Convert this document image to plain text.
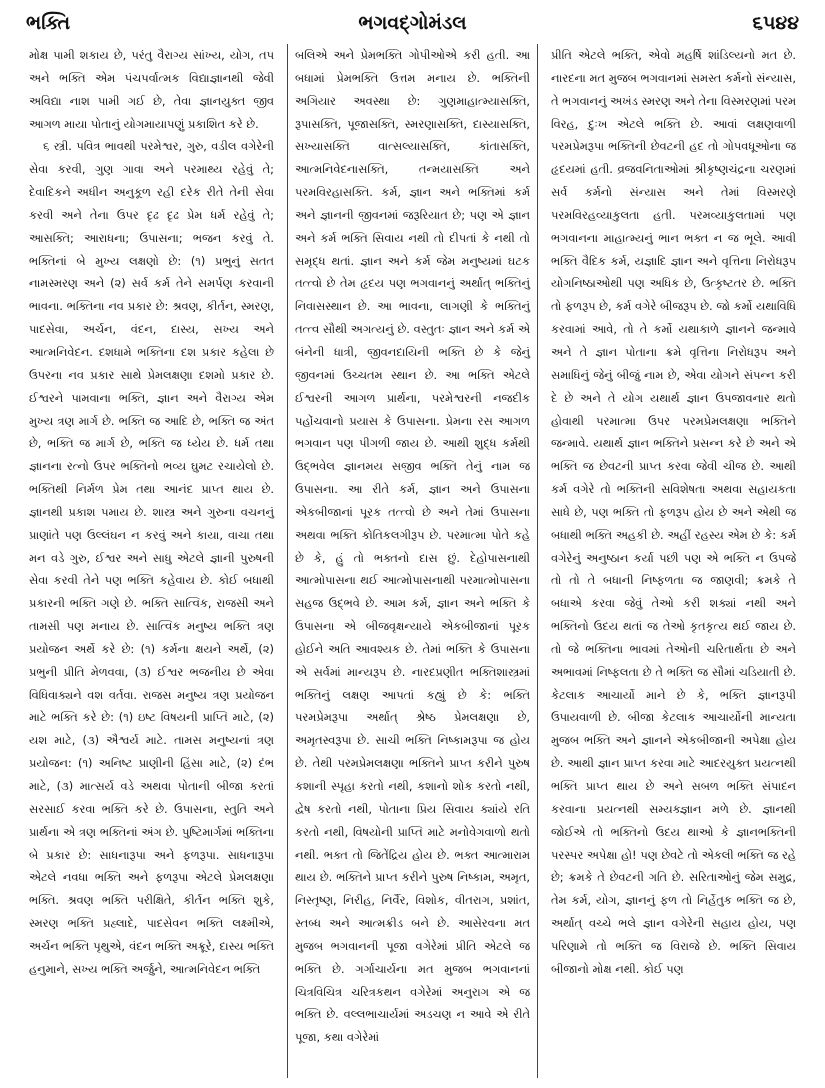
ભક્તિ	ભગવદ્ગોમંડલ	૬૫૪૪

મોક્ષ પામી શકાય છે, પરંતુ વૈરાગ્ય સાંખ્ય, યોગ, તપ અને ભક્તિ એમ પંચપર્વાત્મક વિદ્યાજ્ઞાનથી જેવી અવિદ્યા નાશ પામી ગઈ છે, તેવા જ્ઞાનયુક્ત જીવ આગળ માયા પોતાનું યોગમાયાપણું પ્રકાશિત કરે છે.

૬ સ્ત્રી. પવિત્ર ભાવથી પરમેશ્વર, ગુરુ, વડીલ વગેરેની સેવા કરવી, ગુણ ગાવા અને પરમાથ્ય રહેવું તે; દેવાદિકને અધીન અનુકૂળ રહી દરેક રીતે તેની સેવા કરવી અને તેના ઉપર દૃઢ દૃઢ પ્રેમ ધર્મ રહેવું તે; આસક્તિ; આરાધના; ઉપાસના; ભજન કરવું તે. ભક્તિનાં બે મુખ્ય લક્ષણો છે: (૧) પ્રભુનું સતત નામસ્મરણ અને (૨) સર્વ કર્મ તેને સમર્પણ કરવાની ભાવના. ભક્તિના નવ પ્રકાર છે: શ્રવણ, કીર્તન, સ્મરણ, પાદસેવા, અર્ચન, વંદન, દાસ્ય, સખ્ય અને આત્મનિવેદન. દશધામે ભક્તિના દશ પ્રકાર કહેલા છે ઉપરના નવ પ્રકાર સાથે પ્રેમલક્ષણા દશમો પ્રકાર છે. ઈશ્વરને પામવાના ભક્તિ, જ્ઞાન અને વૈરાગ્ય એમ મુખ્ય ત્રણ માર્ગ છે. ભક્તિ જ આદિ છે, ભક્તિ જ અંત છે, ભક્તિ જ માર્ગ છે, ભક્તિ જ ધ્યેય છે. ધર્મ તથા જ્ઞાનના રત્નો ઉપર ભક્તિનો ભવ્ય ઘુમટ રચાયેલો છે. ભક્તિથી નિર્મળ પ્રેમ તથા આનંદ પ્રાપ્ત થાય છે. જ્ઞાનથી પ્રકાશ પમાય છે. શાસ્ત્ર અને ગુરુના વચનનું પ્રાણાંતે પણ ઉલ્લંઘન ન કરવું અને કાયા, વાચા તથા મન વડે ગુરુ, ઈશ્વર અને સાધુ એટલે જ્ઞાની પુરુષની સેવા કરવી તેને પણ ભક્તિ કહેવાય છે. કોઈ બધાથી પ્રકારની ભક્તિ ગણે છે. ભક્તિ સાત્વિક, રાજસી અને તામસી પણ મનાય છે. સાત્વિક મનુષ્ય ભક્તિ ત્રણ પ્રયોજન અર્થે કરે છે: (૧) કર્મના ક્ષયને અર્થે, (૨) પ્રભુની પ્રીતિ મેળવવા, (૩) ઈશ્વર ભજનીય છે એવા વિધિવાક્યને વશ વર્તવા. રાજસ મનુષ્ય ત્રણ પ્રયોજન માટે ભક્તિ કરે છે: (૧) ઇષ્ટ વિષયની પ્રાપ્તિ માટે, (૨) યશ માટે, (૩) ઐશ્વર્ય માટે. તામસ મનુષ્યનાં ત્રણ પ્રયોજન: (૧) અનિષ્ટ પ્રાણીની હિંસા માટે, (૨) દંભ માટે, (૩) માત્સર્ય વડે અથવા પોતાની બીજા કરતાં સરસાઈ કરવા ભક્તિ કરે છે. ઉપાસના, સ્તુતિ અને પ્રાર્થના એ ત્રણ ભક્તિનાં અંગ છે. પુષ્ટિમાર્ગમાં ભક્તિના બે પ્રકાર છે: સાધનારૂપા અને ફળરૂપા. સાધનારૂપા એટલે નવધા ભક્તિ અને ફળરૂપા એટલે પ્રેમલક્ષણા ભક્તિ. શ્રવણ ભક્તિ પરીક્ષિતે, કીર્તન ભક્તિ શુકે, સ્મરણ ભક્તિ પ્રહ્લાદે, પાદસેવન ભક્તિ લક્ષ્મીએ, અર્ચન ભક્તિ પૃથુએ, વંદન ભક્તિ અક્રૂરે, દાસ્ય ભક્તિ હનુમાને, સખ્ય ભક્તિ અર્જુને, આત્મનિવેદન ભક્તિ

બલિએ અને પ્રેમભક્તિ ગોપીઓએ કરી હતી. આ બધામાં પ્રેમભક્તિ ઉત્તમ મનાય છે. ભક્તિની અગિયાર અવસ્થા છે: ગુણમાહાત્મ્યાસક્તિ, રૂપાસક્તિ, પૂજાસક્તિ, સ્મરણાસક્તિ, દાસ્યાસક્તિ, સખ્યાસક્તિ વાત્સલ્યાસક્તિ, કાંતાસક્તિ, આત્મનિવેદનાસક્તિ, તન્મયાસક્તિ અને પરમવિરહાસક્તિ. કર્મ, જ્ઞાન અને ભક્તિમાં કર્મ અને જ્ઞાનની જીવનમાં જરૂરિયાત છે; પણ એ જ્ઞાન અને કર્મ ભક્તિ સિવાય નથી તો દીપતાં કે નથી તો સમૃદ્ધ થતાં. જ્ઞાન અને કર્મ જેમ મનુષ્યમાં ઘટક તત્ત્વો છે તેમ હૃદય પણ ભગવાનનું અર્થાત્ ભક્તિનું નિવાસસ્થાન છે. આ ભાવના, લાગણી કે ભક્તિનું તત્ત્વ સૌથી અગત્યનું છે. વસ્તુતઃ જ્ઞાન અને કર્મ એ બંનેની ધાત્રી, જીવનદાયિની ભક્તિ છે કે જેનું જીવનમાં ઉચ્ચતમ સ્થાન છે. આ ભક્તિ એટલે ઈશ્વરની આગળ પ્રાર્થના, પરમેશ્વરની નજદીક પહોંચવાનો પ્રયાસ કે ઉપાસના. પ્રેમના રસ આગળ ભગવાન પણ પીગળી જાય છે. આથી શુદ્ધ કર્મથી ઉદ્ભવેલ જ્ઞાનમય સજીવ ભક્તિ તેનું નામ જ ઉપાસના. આ રીતે કર્મ, જ્ઞાન અને ઉપાસના એકબીજાનાં પૂરક તત્ત્વો છે અને તેમાં ઉપાસના અથવા ભક્તિ કોતિકલગીરૂપ છે. પરમાત્મા પોતે કહે છે કે, હું તો ભક્તનો દાસ છું. દેહોપાસનાથી આત્મોપાસના થઈ આત્મોપાસનાથી પરમાત્મોપાસના સહજ ઉદ્ભવે છે. આમ કર્મ, જ્ઞાન અને ભક્તિ કે ઉપાસના એ બીજવૃક્ષન્યાયે એકબીજાનાં પૂરક હોઈને અતિ આવશ્યક છે. તેમાં ભક્તિ કે ઉપાસના એ સર્વમાં માન્યરૂપ છે. નારદપ્રણીત ભક્તિશાસ્ત્રમાં ભક્તિનું લક્ષણ આપતાં કહ્યું છે કે: ભક્તિ પરમપ્રેમરૂપા અર્થાત્ શ્રેષ્ઠ પ્રેમલક્ષણા છે, અમૃતસ્વરૂપા છે. સાચી ભક્તિ નિષ્કામરૂપા જ હોય છે. તેથી પરમપ્રેમલક્ષણા ભક્તિને પ્રાપ્ત કરીને પુરુષ કશાની સ્પૃહા કરતો નથી, કશાનો શોક કરતો નથી, દ્વેષ કરતો નથી, પોતાના પ્રિય સિવાય ક્યાંયે રતિ કરતો નથી, વિષયોની પ્રાપ્તિ માટે મનોવેગવાળો થતો નથી. ભક્ત તો જિતેંદ્રિય હોય છે. ભક્ત આત્મારામ થાય છે. ભક્તિને પ્રાપ્ત કરીને પુરુષ નિષ્કામ, અમૃત, નિસ્તૃષ્ણ, નિરીહ, નિર્વૈર, વિશોક, વીતરાગ, પ્રશાંત, સ્તબ્ધ અને આત્મક્રીડ બને છે. આસેરવના મત મુજબ ભગવાનની પૂજા વગેરેમાં પ્રીતિ એટલે જ ભક્તિ છે. ગર્ગાચાર્યના મત મુજબ ભગવાનનાં ચિત્રવિચિત્ર ચરિત્રકથન વગેરેમાં અનુરાગ એ જ ભક્તિ છે. વલ્લભાચાર્યમાં અડચણ ન આવે એ રીતે પૂજા, કથા વગેરેમાં

પ્રીતિ એટલે ભક્તિ, એવો મહર્ષિ શાંડિલ્યનો મત છે. નારદના મત મુજબ ભગવાનમાં સમસ્ત કર્મનો સંન્યાસ, તે ભગવાનનું અખંડ સ્મરણ અને તેના વિસ્મરણમાં પરમ વિરહ, દુઃખ એટલે ભક્તિ છે. આવાં લક્ષણવાળી પરમપ્રેમરૂપા ભક્તિની છેવટની હદ તો ગોપવધૂઓના જ હૃદયમાં હતી. વ્રજવનિતાઓમાં શ્રીકૃષ્ણચંદ્રના ચરણમાં સર્વ કર્મનો સંન્યાસ અને તેમાં વિસ્મરણે પરમવિરહવ્યાકુલતા હતી. પરમવ્યાકુલતામાં પણ ભગવાનના માહાત્મ્યનું ભાન ભક્ત ન જ ભૂલે. આવી ભક્તિ વૈદિક કર્મ, યજ્ઞાદિ જ્ઞાન અને વૃત્તિના નિરોધરૂપ યોગનિષ્ઠાઓથી પણ અધિક છે, ઉત્કૃષ્ટતર છે. ભક્તિ તો ફળરૂપ છે, કર્મ વગેરે બીજરૂપ છે. જો કર્મો યથાવિધિ કરવામાં આવે, તો તે કર્મો યથાકાળે જ્ઞાનને જન્માવે અને તે જ્ઞાન પોતાના ક્રમે વૃત્તિના નિરોધરૂપ અને સમાધિનું જેનું બીજું નામ છે, એવા યોગને સંપન્ન કરી દે છે અને તે યોગ યથાર્થ જ્ઞાન ઉપજાવનાર થતો હોવાથી પરમાત્મા ઉપર પરમપ્રેમલક્ષણા ભક્તિને જન્માવે. યથાર્થ જ્ઞાન ભક્તિને પ્રસન્ન કરે છે અને એ ભક્તિ જ છેવટની પ્રાપ્ત કરવા જેવી ચીજ છે. આથી કર્મ વગેરે તો ભક્તિની સવિશેષતા અથવા સહાયકતા સાધે છે, પણ ભક્તિ તો ફળરૂપ હોય છે અને એથી જ બધાથી ભક્તિ અહકી છે. અહીં રહસ્ય એમ છે કે: કર્મ વગેરેનું અનુષ્ઠાન કર્યા પછી પણ એ ભક્તિ ન ઉપજે તો તો તે બધાની નિષ્ફળતા જ જાણવી; ક્રમકે તે બધાએ કરવા જેવું તેઓ કરી શક્યાં નથી અને ભક્તિનો ઉદય થતાં જ તેઓ કૃતકૃત્ય થઈ જાય છે. તો જે ભક્તિના ભાવમાં તેઓની ચરિતાર્થતા છે અને અભાવમાં નિષ્ફલતા છે તે ભક્તિ જ સૌમાં ચડિયાતી છે. કેટલાક આચાર્યો માને છે કે, ભક્તિ જ્ઞાનરૂપી ઉપાયવાળી છે. બીજા કેટલાક આચાર્યોની માન્યતા મુજબ ભક્તિ અને જ્ઞાનને એકબીજાની અપેક્ષા હોય છે. આથી જ્ઞાન પ્રાપ્ત કરવા માટે આદરયુક્ત પ્રયત્નથી ભક્તિ પ્રાપ્ત થાય છે અને સબળ ભક્તિ સંપાદન કરવાના પ્રયત્નથી સમ્યક્જ્ઞાન મળે છે. જ્ઞાનથી જોઈએ તો ભક્તિનો ઉદય થાઓ કે જ્ઞાનભક્તિની પરસ્પર અપેક્ષા હો! પણ છેવટે તો એકલી ભક્તિ જ રહે છે; ક્રમકે તે છેવટની ગતિ છે. સરિતાઓનું જેમ સમુદ્ર, તેમ કર્મ, યોગ, જ્ઞાનનું ફળ તો નિર્હેતુક ભક્તિ જ છે, અર્થાત્ વચ્ચે ભલે જ્ઞાન વગેરેની સહાય હોય, પણ પરિણામે તો ભક્તિ જ વિરાજે છે. ભક્તિ સિવાય બીજાનો મોક્ષ નથી. કોઈ પણ
